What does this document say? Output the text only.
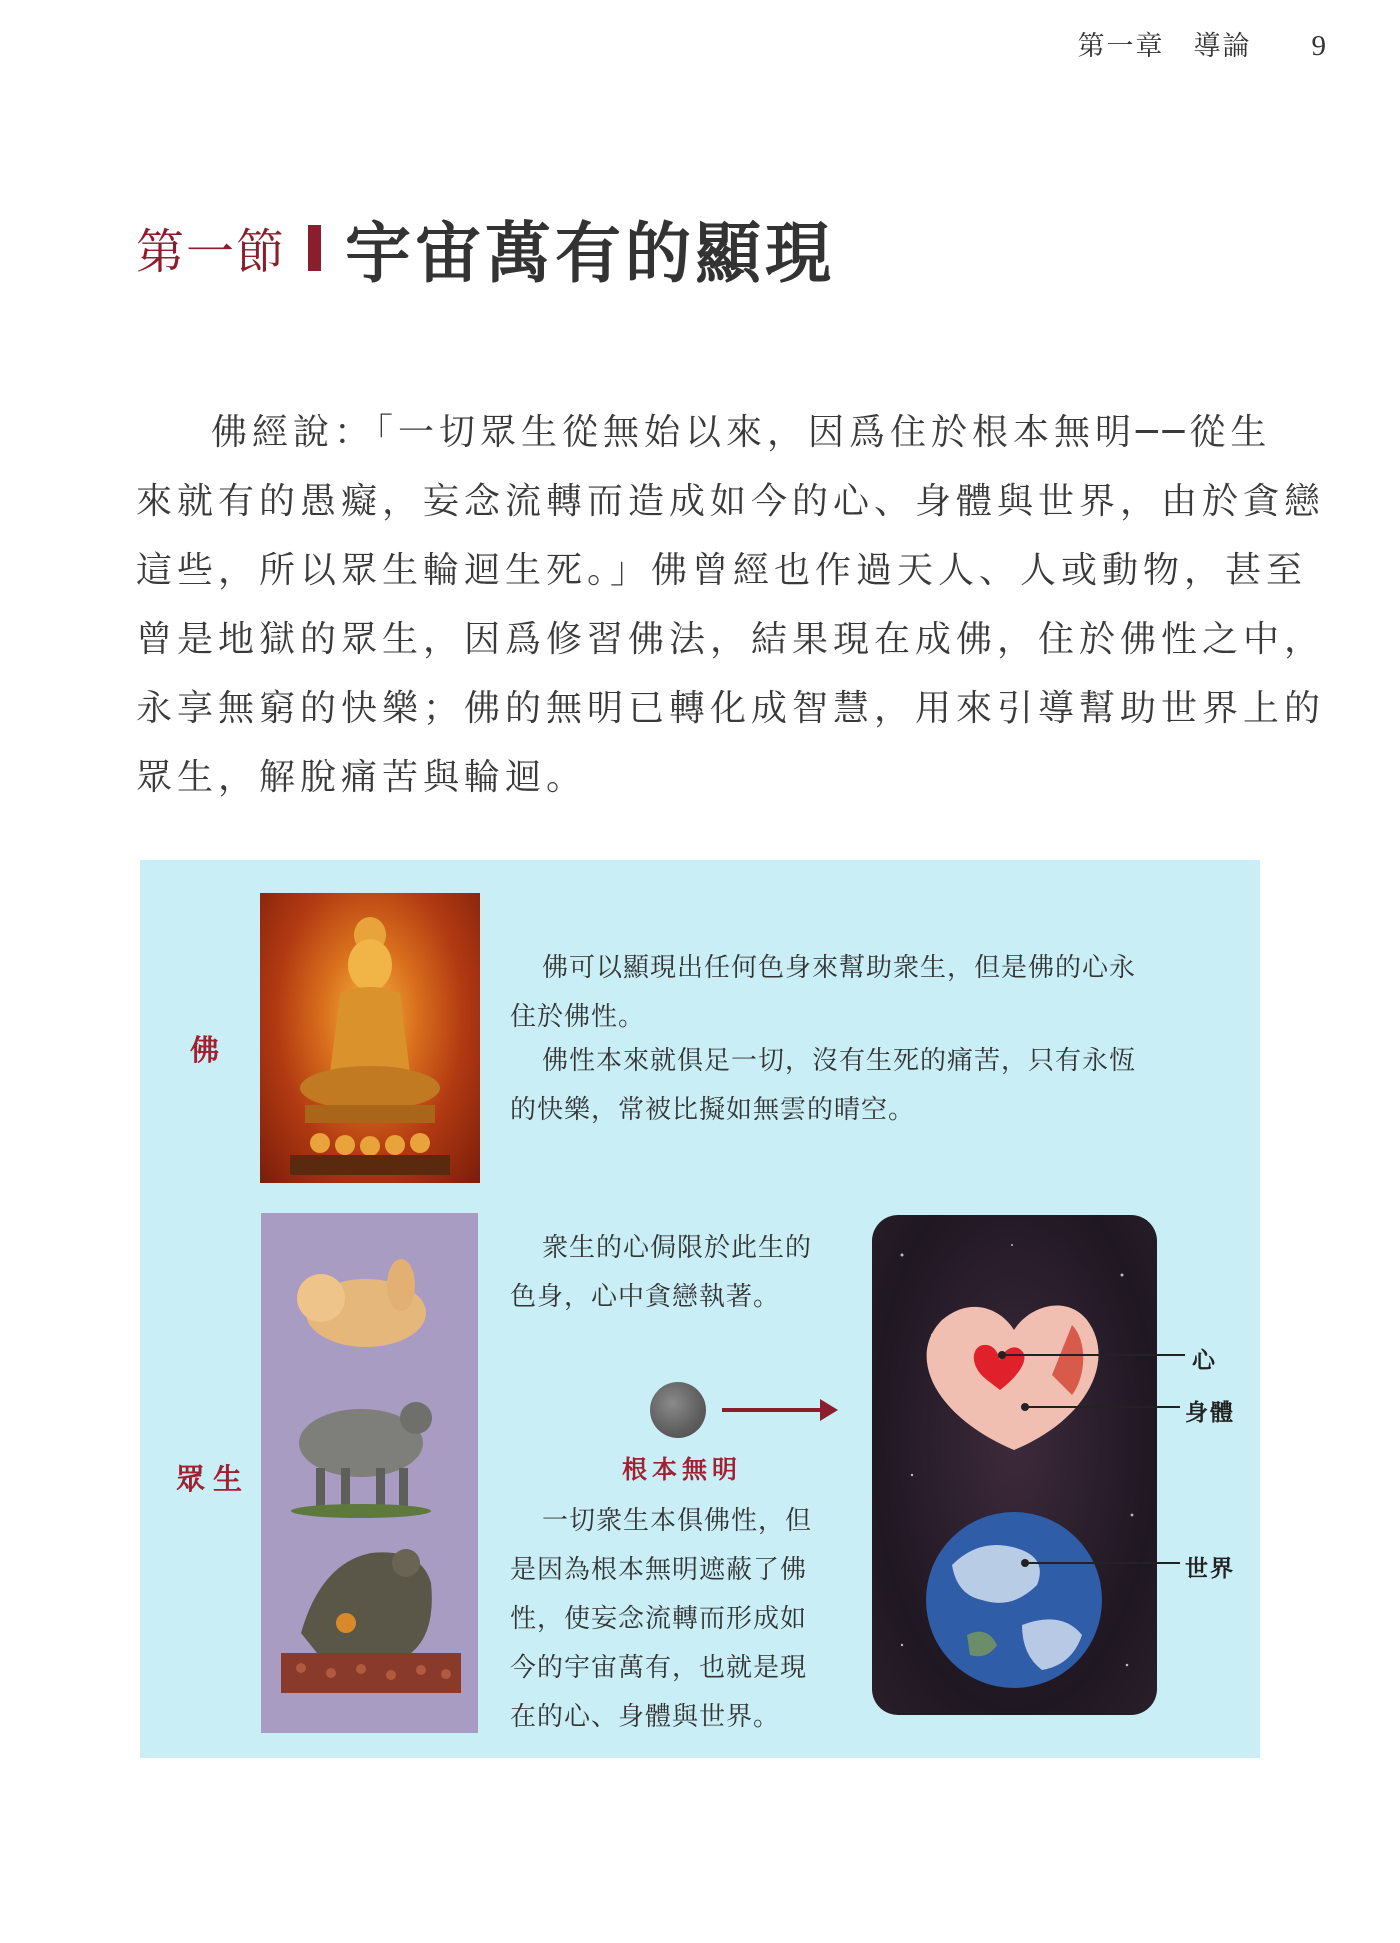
第一章　導論 9
第一節 宇宙萬有的顯現
佛經說：「一切眾生從無始以來，因爲住於根本無明──從生
來就有的愚癡，妄念流轉而造成如今的心、身體與世界，由於貪戀
這些，所以眾生輪迴生死。」佛曾經也作過天人、人或動物，甚至
曾是地獄的眾生，因爲修習佛法，結果現在成佛，住於佛性之中，
永享無窮的快樂；佛的無明已轉化成智慧，用來引導幫助世界上的
眾生，解脫痛苦與輪迴。
佛
眾生
佛可以顯現出任何色身來幫助衆生，但是佛的心永
住於佛性。
佛性本來就俱足一切，沒有生死的痛苦，只有永恆
的快樂，常被比擬如無雲的晴空。
衆生的心侷限於此生的
色身，心中貪戀執著。
根本無明
一切衆生本俱佛性，但
是因為根本無明遮蔽了佛
性，使妄念流轉而形成如
今的宇宙萬有，也就是現
在的心、身體與世界。
心
身體
世界
